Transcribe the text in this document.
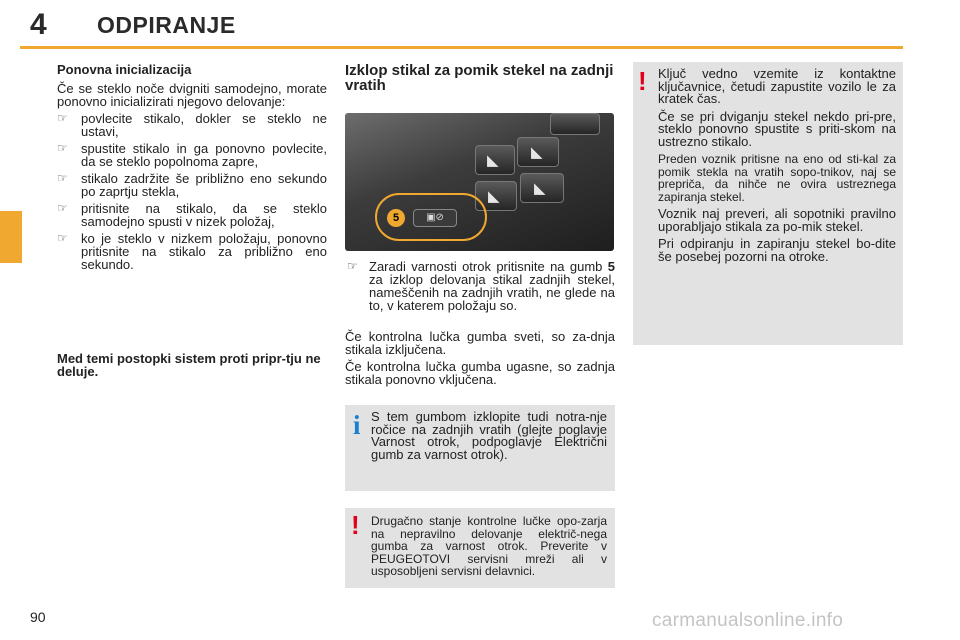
4 ODPIRANJE
Ponovna inicializacija

Če se steklo noče dvigniti samodejno, morate ponovno inicializirati njegovo delovanje:

☞ povlecite stikalo, dokler se steklo ne ustavi,
☞ spustite stikalo in ga ponovno povlecite, da se steklo popolnoma zapre,
☞ stikalo zadržite še približno eno sekundo po zaprtju stekla,
☞ pritisnite na stikalo, da se steklo samodejno spusti v nizek položaj,
☞ ko je steklo v nizkem položaju, ponovno pritisnite na stikalo za približno eno sekundo.
Med temi postopki sistem proti pripr-tju ne deluje.
Izklop stikal za pomik stekel na zadnji vratih
◣ ◣
◣ ◣
▣⊘
5
☞ Zaradi varnosti otrok pritisnite na gumb 5 za izklop delovanja stikal zadnjih stekel, nameščenih na zadnjih vratih, ne glede na to, v katerem položaju so.

Če kontrolna lučka gumba sveti, so za-dnja stikala izključena.

Če kontrolna lučka gumba ugasne, so zadnja stikala ponovno vključena.

i S tem gumbom izklopite tudi notra-nje ročice na zadnjih vratih (glejte poglavje Varnost otrok, podpoglavje Električni gumb za varnost otrok).
! Drugačno stanje kontrolne lučke opo-zarja na nepravilno delovanje električ-nega gumba za varnost otrok. Preverite v PEUGEOTOVI servisni mreži ali v usposobljeni servisni delavnici.
! Ključ vedno vzemite iz kontaktne ključavnice, četudi zapustite vozilo le za kratek čas.

Če se pri dviganju stekel nekdo pri-pre, steklo ponovno spustite s priti-skom na ustrezno stikalo.

Preden voznik pritisne na eno od sti-kal za pomik stekla na vratih sopo-tnikov, naj se prepriča, da nihče ne ovira ustreznega zapiranja stekel.

Voznik naj preveri, ali sopotniki pravilno uporabljajo stikala za po-mik stekel.

Pri odpiranju in zapiranju stekel bo-dite še posebej pozorni na otroke.

90	carmanualsonline.info
